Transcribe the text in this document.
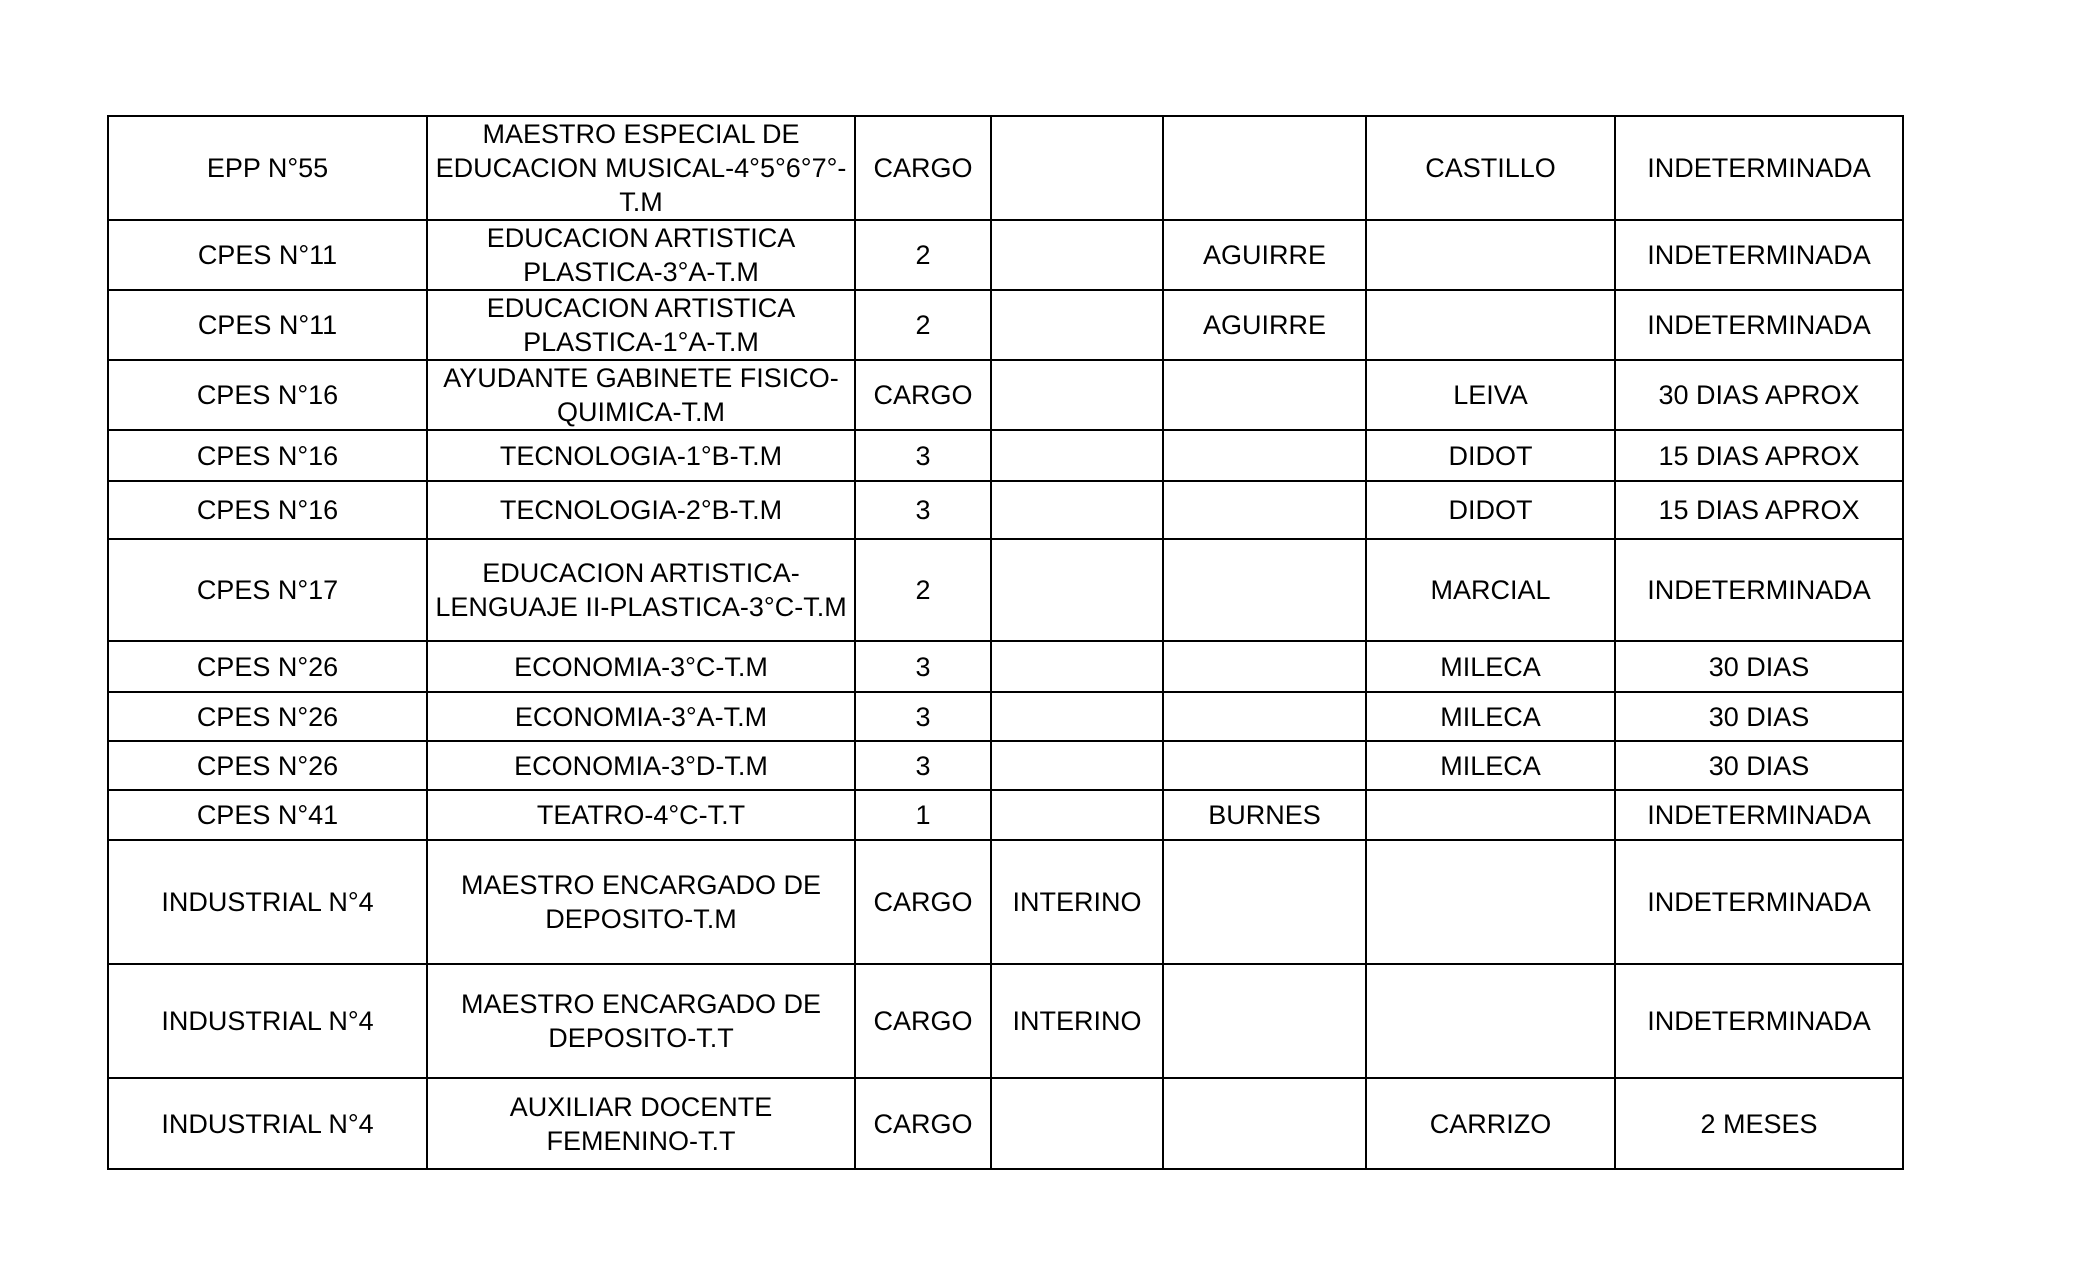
EPP N°55	MAESTRO ESPECIAL DE EDUCACION MUSICAL-4°5°6°7°-T.M	CARGO			CASTILLO	INDETERMINADA
CPES N°11	EDUCACION ARTISTICA PLASTICA-3°A-T.M	2		AGUIRRE		INDETERMINADA
CPES N°11	EDUCACION ARTISTICA PLASTICA-1°A-T.M	2		AGUIRRE		INDETERMINADA
CPES N°16	AYUDANTE GABINETE FISICO-QUIMICA-T.M	CARGO			LEIVA	30 DIAS APROX
CPES N°16	TECNOLOGIA-1°B-T.M	3			DIDOT	15 DIAS APROX
CPES N°16	TECNOLOGIA-2°B-T.M	3			DIDOT	15 DIAS APROX
CPES N°17	EDUCACION ARTISTICA-LENGUAJE II-PLASTICA-3°C-T.M	2			MARCIAL	INDETERMINADA
CPES N°26	ECONOMIA-3°C-T.M	3			MILECA	30 DIAS
CPES N°26	ECONOMIA-3°A-T.M	3			MILECA	30 DIAS
CPES N°26	ECONOMIA-3°D-T.M	3			MILECA	30 DIAS
CPES N°41	TEATRO-4°C-T.T	1		BURNES		INDETERMINADA
INDUSTRIAL N°4	MAESTRO ENCARGADO DE DEPOSITO-T.M	CARGO	INTERINO			INDETERMINADA
INDUSTRIAL N°4	MAESTRO ENCARGADO DE DEPOSITO-T.T	CARGO	INTERINO			INDETERMINADA
INDUSTRIAL N°4	AUXILIAR DOCENTE FEMENINO-T.T	CARGO			CARRIZO	2 MESES
